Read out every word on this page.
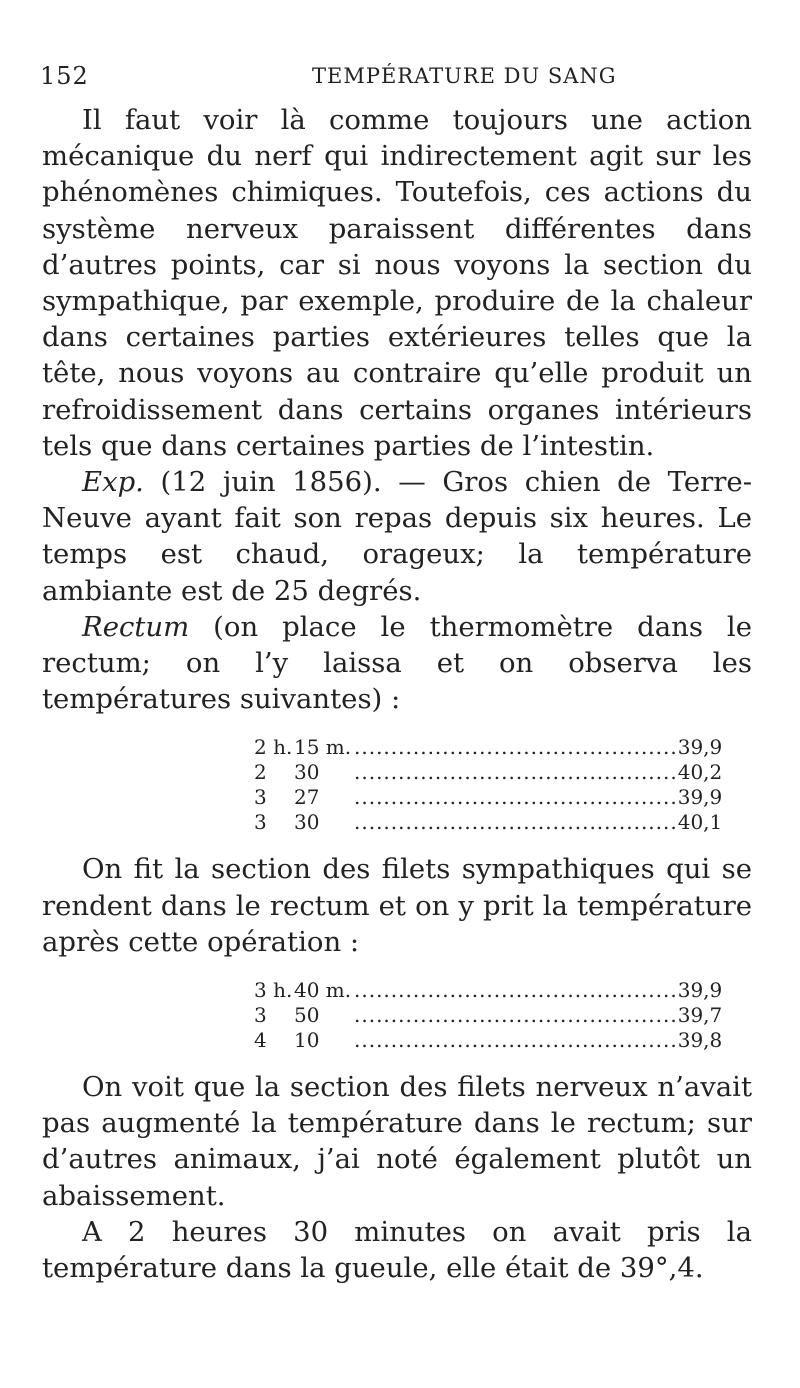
152	TEMPÉRATURE DU SANG

Il faut voir là comme toujours une action mécanique du nerf qui indirectement agit sur les phénomènes chimiques. Toutefois, ces actions du système nerveux paraissent différentes dans d’autres points, car si nous voyons la section du sympathique, par exemple, produire de la chaleur dans certaines parties extérieures telles que la tête, nous voyons au contraire qu’elle produit un refroidissement dans certains organes intérieurs tels que dans certaines parties de l’intestin.

Exp. (12 juin 1856). — Gros chien de Terre-Neuve ayant fait son repas depuis six heures. Le temps est chaud, orageux; la température ambiante est de 25 degrés.

Rectum (on place le thermomètre dans le rectum; on l’y laissa et on observa les températures suivantes) :

2 h.	15 m.	............................................	39,9
2	30	............................................	40,2
3	27	............................................	39,9
3	30	............................................	40,1

On fit la section des filets sympathiques qui se rendent dans le rectum et on y prit la température après cette opération :

3 h.	40 m.	............................................	39,9
3	50	............................................	39,7
4	10	............................................	39,8

On voit que la section des filets nerveux n’avait pas augmenté la température dans le rectum; sur d’autres animaux, j’ai noté également plutôt un abaissement.

A 2 heures 30 minutes on avait pris la température dans la gueule, elle était de 39°,4.
